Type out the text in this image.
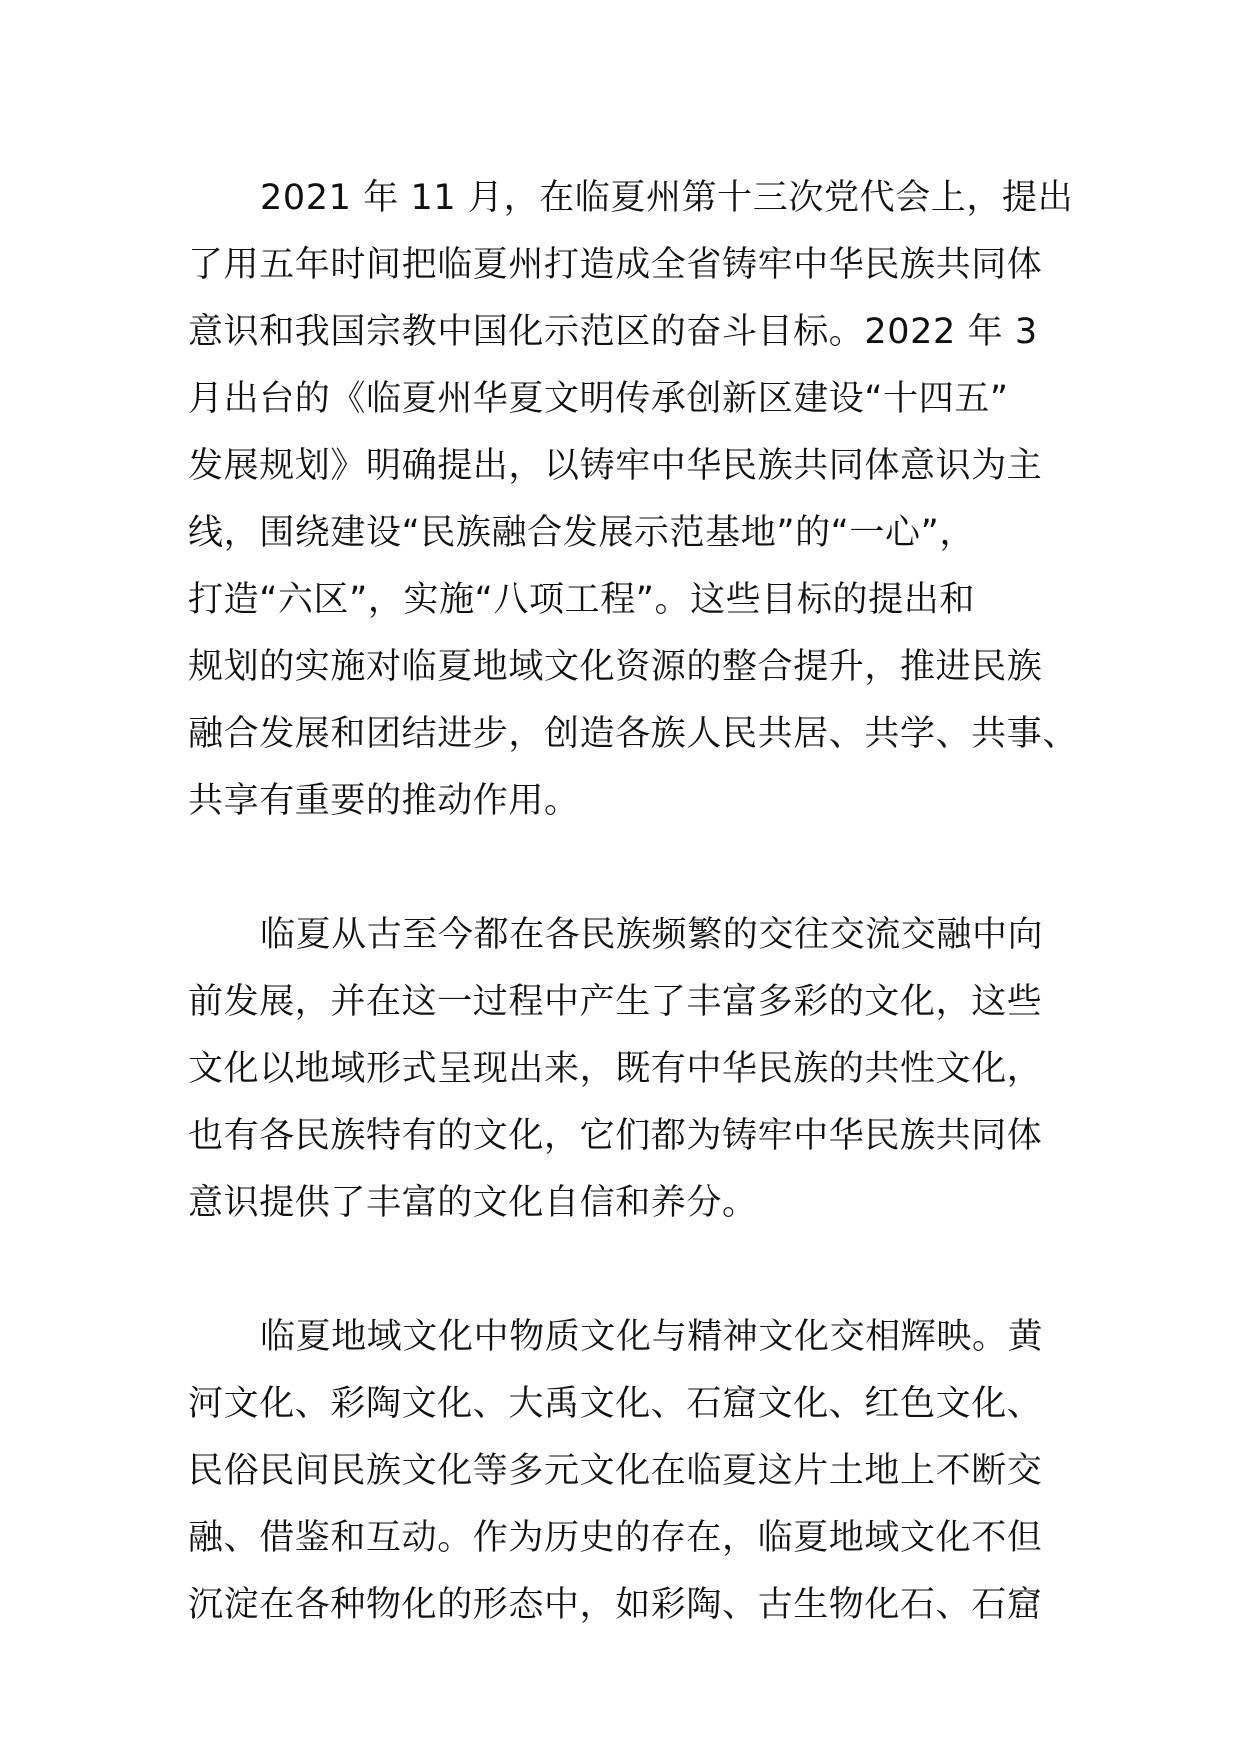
2021 年 11 月，在临夏州第十三次党代会上，提出
了用五年时间把临夏州打造成全省铸牢中华民族共同体
意识和我国宗教中国化示范区的奋斗目标。2022 年 3
月出台的《临夏州华夏文明传承创新区建设“十四五”
发展规划》明确提出，以铸牢中华民族共同体意识为主
线，围绕建设“民族融合发展示范基地”的“一心”，
打造“六区”，实施“八项工程”。这些目标的提出和
规划的实施对临夏地域文化资源的整合提升，推进民族
融合发展和团结进步，创造各族人民共居、共学、共事、
共享有重要的推动作用。
临夏从古至今都在各民族频繁的交往交流交融中向
前发展，并在这一过程中产生了丰富多彩的文化，这些
文化以地域形式呈现出来，既有中华民族的共性文化，
也有各民族特有的文化，它们都为铸牢中华民族共同体
意识提供了丰富的文化自信和养分。
临夏地域文化中物质文化与精神文化交相辉映。黄
河文化、彩陶文化、大禹文化、石窟文化、红色文化、
民俗民间民族文化等多元文化在临夏这片土地上不断交
融、借鉴和互动。作为历史的存在，临夏地域文化不但
沉淀在各种物化的形态中，如彩陶、古生物化石、石窟
